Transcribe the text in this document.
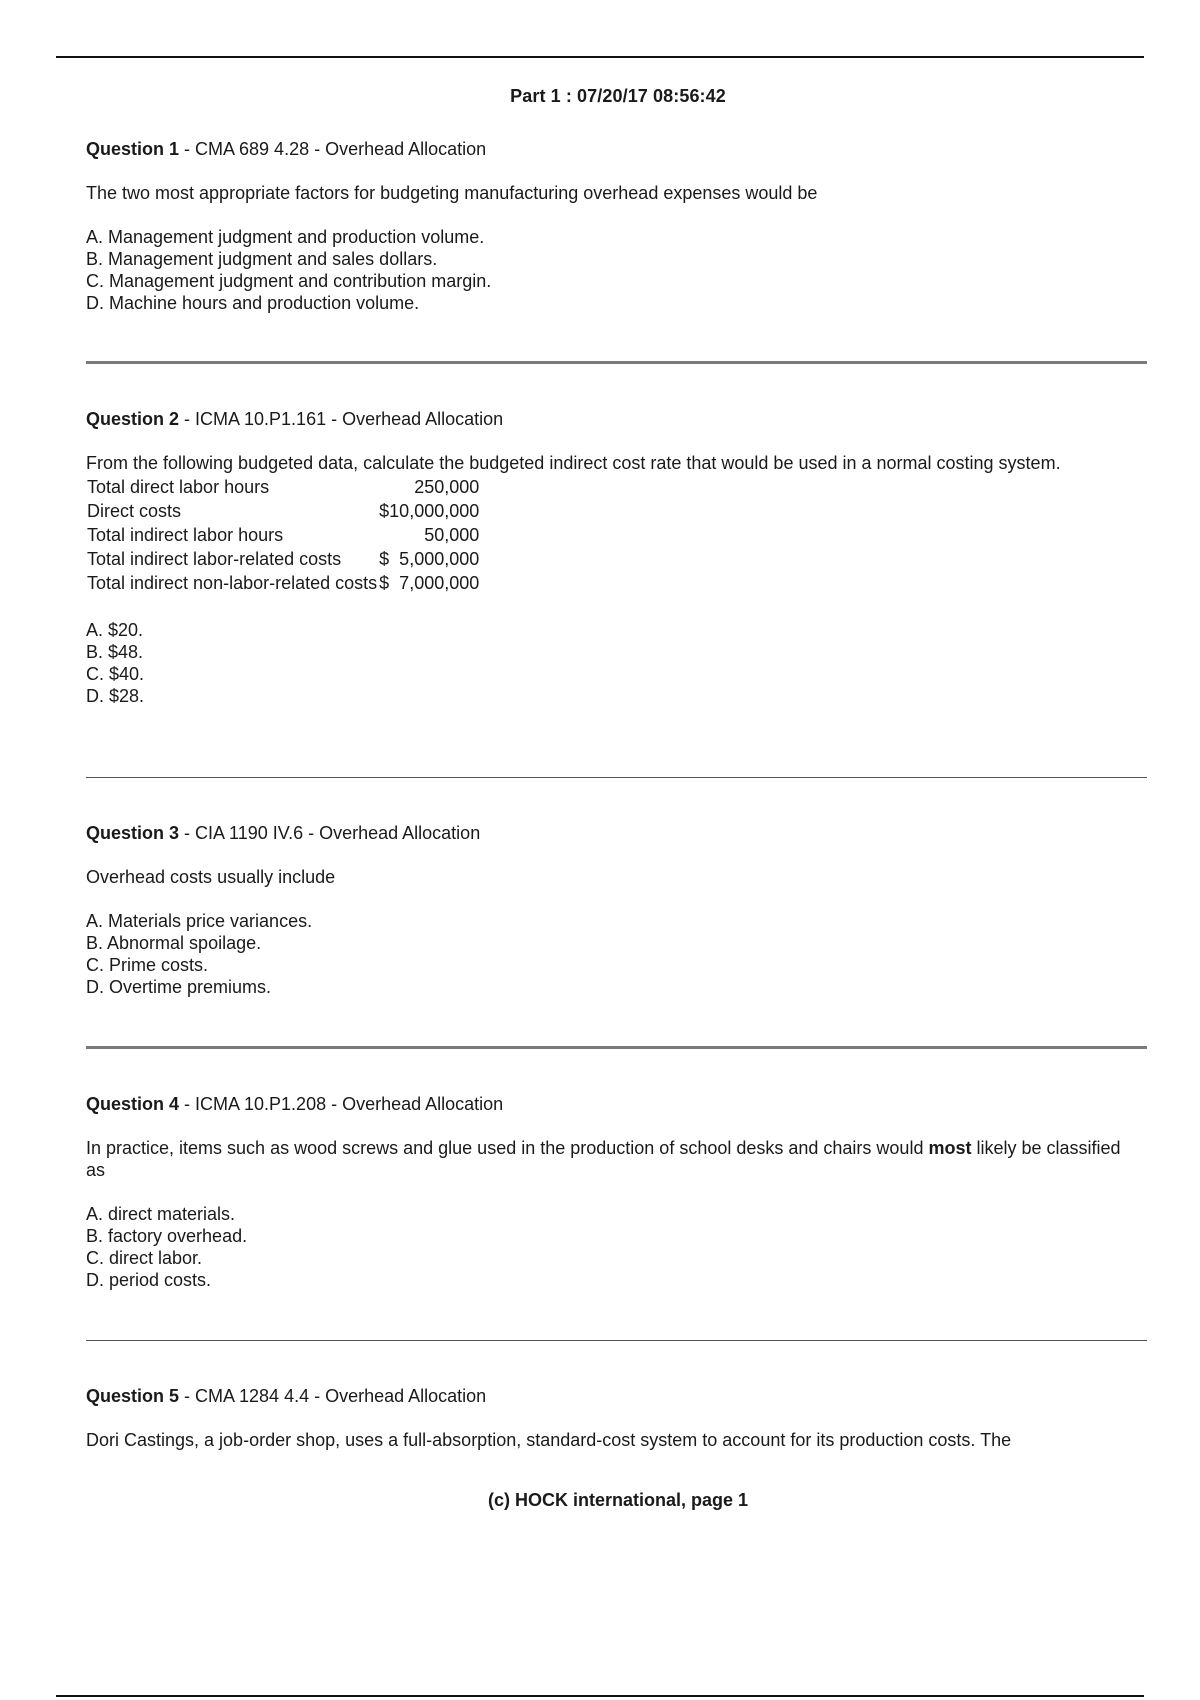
Part 1 : 07/20/17 08:56:42

Question 1 - CMA 689 4.28 - Overhead Allocation

The two most appropriate factors for budgeting manufacturing overhead expenses would be

A. Management judgment and production volume.
B. Management judgment and sales dollars.
C. Management judgment and contribution margin.
D. Machine hours and production volume.

Question 2 - ICMA 10.P1.161 - Overhead Allocation

From the following budgeted data, calculate the budgeted indirect cost rate that would be used in a normal costing system.

Total direct labor hours	250,000
Direct costs	$10,000,000
Total indirect labor hours	50,000
Total indirect labor-related costs	$  5,000,000
Total indirect non-labor-related costs	$  7,000,000
A. $20.
B. $48.
C. $40.
D. $28.

Question 3 - CIA 1190 IV.6 - Overhead Allocation

Overhead costs usually include

A. Materials price variances.
B. Abnormal spoilage.
C. Prime costs.
D. Overtime premiums.

Question 4 - ICMA 10.P1.208 - Overhead Allocation

In practice, items such as wood screws and glue used in the production of school desks and chairs would most likely be classified as

A. direct materials.
B. factory overhead.
C. direct labor.
D. period costs.

Question 5 - CMA 1284 4.4 - Overhead Allocation

Dori Castings, a job-order shop, uses a full-absorption, standard-cost system to account for its production costs. The

(c) HOCK international, page 1
